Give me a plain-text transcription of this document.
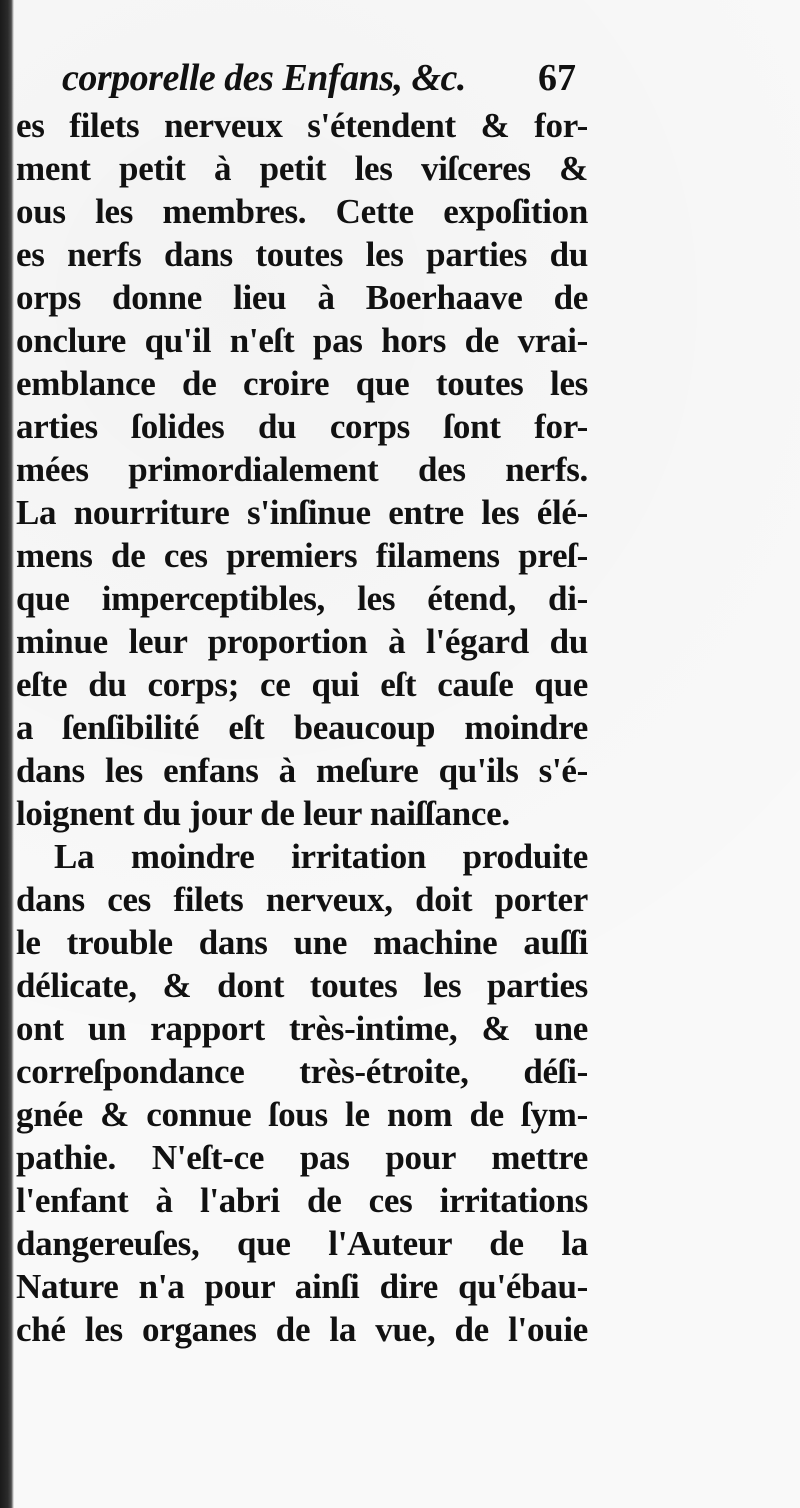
corporelle des Enfans, &c. 67
es filets nerveux s'étendent & for-
ment petit à petit les viſceres &
ous les membres. Cette expoſition
es nerfs dans toutes les parties du
orps donne lieu à Boerhaave de
onclure qu'il n'eſt pas hors de vrai-
emblance de croire que toutes les
arties ſolides du corps ſont for-
mées primordialement des nerfs.
La nourriture s'inſinue entre les élé-
mens de ces premiers filamens preſ-
que imperceptibles, les étend, di-
minue leur proportion à l'égard du
eſte du corps; ce qui eſt cauſe que
a ſenſibilité eſt beaucoup moindre
dans les enfans à meſure qu'ils s'é-
loignent du jour de leur naiſſance.
La moindre irritation produite
dans ces filets nerveux, doit porter
le trouble dans une machine auſſi
délicate, & dont toutes les parties
ont un rapport très-intime, & une
correſpondance très-étroite, déſi-
gnée & connue ſous le nom de ſym-
pathie. N'eſt-ce pas pour mettre
l'enfant à l'abri de ces irritations
dangereuſes, que l'Auteur de la
Nature n'a pour ainſi dire qu'ébau-
ché les organes de la vue, de l'ouie
